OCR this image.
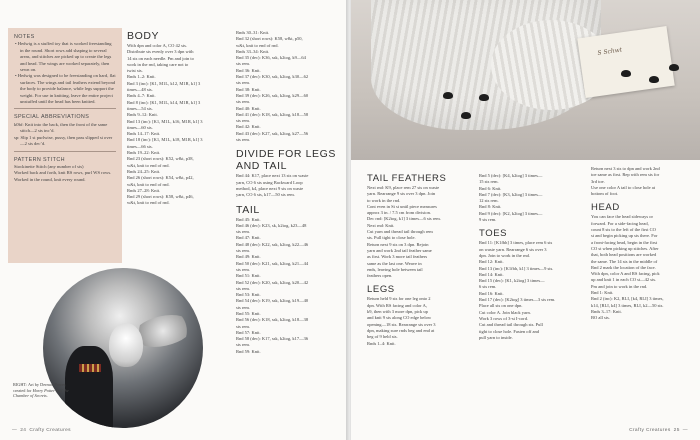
NOTES
• Hedwig is a stuffed toy that is worked freestanding in the round. Short rows add shaping to several areas, and stitches are picked up to create the legs and head. The wings are worked separately, then sewn on.
• Hedwig was designed to be freestanding on hard, flat surfaces. The wings and tail feathers extend beyond the body to provide balance, while legs support the weight. For use in knitting, leave the entire project unstuffed until the head has been knitted.
SPECIAL ABBREVIATIONS
k0bf: Knit into the back, then the front of the same stitch—2 sts inc’d.
sp: Slip 1 st purlwise, pussy, then pass slipped st over—2 sts dec’d.
PATTERN STITCH
Stockinette Stitch (any number of sts)
Worked back and forth, knit RS rows, purl WS rows.
Worked in the round, knit every round.
BODY

With dpn and color A, CO 42 sts.

Distribute sts evenly over 3 dpn with

14 sts on each needle. Pm and join to

work in the rnd, taking care not to

twist sts.

Rnds 1–2: Knit.

Rnd 3 (inc): [K1, M1L, k12, M1R, k1] 3

times—48 sts.

Rnds 4–7: Knit.

Rnd 8 (inc): [K1, M1L, k14, M1R, k1] 3

times—54 sts.

Rnds 9–12: Knit.

Rnd 13 (inc): [K1, M1L, k16, M1R, k1] 3

times—60 sts.

Rnds 14–17: Knit.

Rnd 18 (inc): [K1, M1L, k18, M1R, k1] 3

times—66 sts.

Rnds 19–22: Knit.

Rnd 23 (short rows): K52, w&t, p38,

w&t, knit to end of rnd.

Rnds 24–25: Knit.

Rnd 26 (short rows): K54, w&t, p42,

w&t, knit to end of rnd.

Rnds 27–28: Knit.

Rnd 29 (short rows): K58, w&t, p46,

w&t, knit to end of rnd.

Rnds 30–31: Knit.

Rnd 32 (short rows): K58, w&t, p50,

w&t, knit to end of rnd.

Rnds 33–34: Knit.

Rnd 35 (dec): K36, ssk, k2tog, k9—64

sts rem.

Rnd 36: Knit.

Rnd 37 (dec): K30, ssk, k2tog, k30—62

sts rem.

Rnd 38: Knit.

Rnd 39 (dec): K26, ssk, k2tog, k29—60

sts rem.

Rnd 40: Knit.

Rnd 41 (dec): K18, ssk, k2tog, k18—58

sts rem.

Rnd 42: Knit.

Rnd 43 (dec): K27, ssk, k2tog, k27—56

sts rem.

DIVIDE FOR LEGS AND TAIL

Rnd 44: K17, place next 13 sts on waste

yarn, CO 6 sts using Backward Loop

method, k4, place next 9 sts on waste

yarn, CO 6 sts, k17—50 sts rem.

TAIL

Rnd 45: Knit.

Rnd 46 (dec): K23, sk, k2tog, k23—48

sts rem.

Rnd 47: Knit.

Rnd 48 (dec): K22, ssk, k2tog, k22—46

sts rem.

Rnd 49: Knit.

Rnd 50 (dec): K21, ssk, k2tog, k21—44

sts rem.

Rnd 51: Knit.

Rnd 52 (dec): K20, ssk, k2tog, k20—42

sts rem.

Rnd 53: Knit.

Rnd 54 (dec): K19, ssk, k2tog, k19—40

sts rem.

Rnd 55: Knit.

Rnd 56 (dec): K18, ssk, k2tog, k18—38

sts rem.

Rnd 57: Knit.

Rnd 58 (dec): K17, ssk, k2tog, k17—36

sts rem.

Rnd 59: Knit.

RIGHT: Art by Dermot Power, created for Harry Potter and the Chamber of Secrets.
— 24 Crafty Creatures
S Schwt
TAIL FEATHERS

Next rnd: K9, place rem 27 sts on waste

yarn. Rearrange 9 sts over 3 dpn. Join

to work in the rnd.

Cont even in St st until piece measures

approx 3 in. / 7.5 cm from division.

Dec rnd: [K2tog, k1] 3 times—6 sts rem.

Next rnd: Knit.

Cut yarn and thread tail through rem

sts. Pull tight to close hole.

Return next 9 sts on 3 dpn. Rejoin

yarn and work 2nd tail feather same

as first. Work 3 more tail feathers

same as the last one. Weave in

ends, leaving hole between tail

feathers open.

LEGS

Return held 9 sts for one leg onto 2

dpn. With RS facing and color A,

k9, then with 3 more dpn, pick up

and knit 9 sts along CO edge below

opening—18 sts. Rearrange sts over 3

dpn, making sure rnds beg and end at

beg of 9 held sts.

Rnds 1–4: Knit.

Rnd 5 (dec): [K4, k2tog] 3 times—

15 sts rem.

Rnd 6: Knit.

Rnd 7 (dec): [K3, k2tog] 3 times—

12 sts rem.

Rnd 8: Knit.

Rnd 9 (dec): [K2, k2tog] 3 times—

9 sts rem.

TOES

Rnd 11: [K1fbh] 3 times, place rem 6 sts

on waste yarn. Rearrange 6 sts over 3

dpn. Join to work in the rnd.

Rnd 12: Knit.

Rnd 13 (inc): [K1fbh, k1] 3 times—9 sts.

Rnd 14: Knit.

Rnd 15 (dec): [K1, k2tog] 3 times—

6 sts rem.

Rnd 16: Knit.

Rnd 17 (dec): [K2tog] 3 times—3 sts rem.

Place all sts on one dpn.

Cut color A. Join black yarn.

Work 3 rows of 3-st I-cord.

Cut and thread tail through sts. Pull

tight to close hole. Fasten off and

pull yarn to inside.

Return next 3 sts to dpn and work 2nd

toe same as first. Rep with rem sts for

3rd toe.

Use one color A tail to close hole at

bottom of foot.

HEAD

You can face the head sideways or

forward. For a side-facing head,

count 8 sts to the left of the first CO

st and begin picking up sts there. For

a front-facing head, begin in the first

CO st when picking up stitches. After

that, both head positions are worked

the same. The 14 sts in the middle of

Rnd 2 mark the location of the face.

With dpn, color A and RS facing, pick

up and knit 1 in each CO st—42 sts.

Pm and join to work in the rnd.

Rnd 1: Knit.

Rnd 2 (inc): K2, RLI, [k4, RLI] 3 times,

k14, [RLI, k4] 3 times, RLI, k2—50 sts.

Rnds 3–17: Knit.

BO all sts.

Crafty Creatures 25 —
